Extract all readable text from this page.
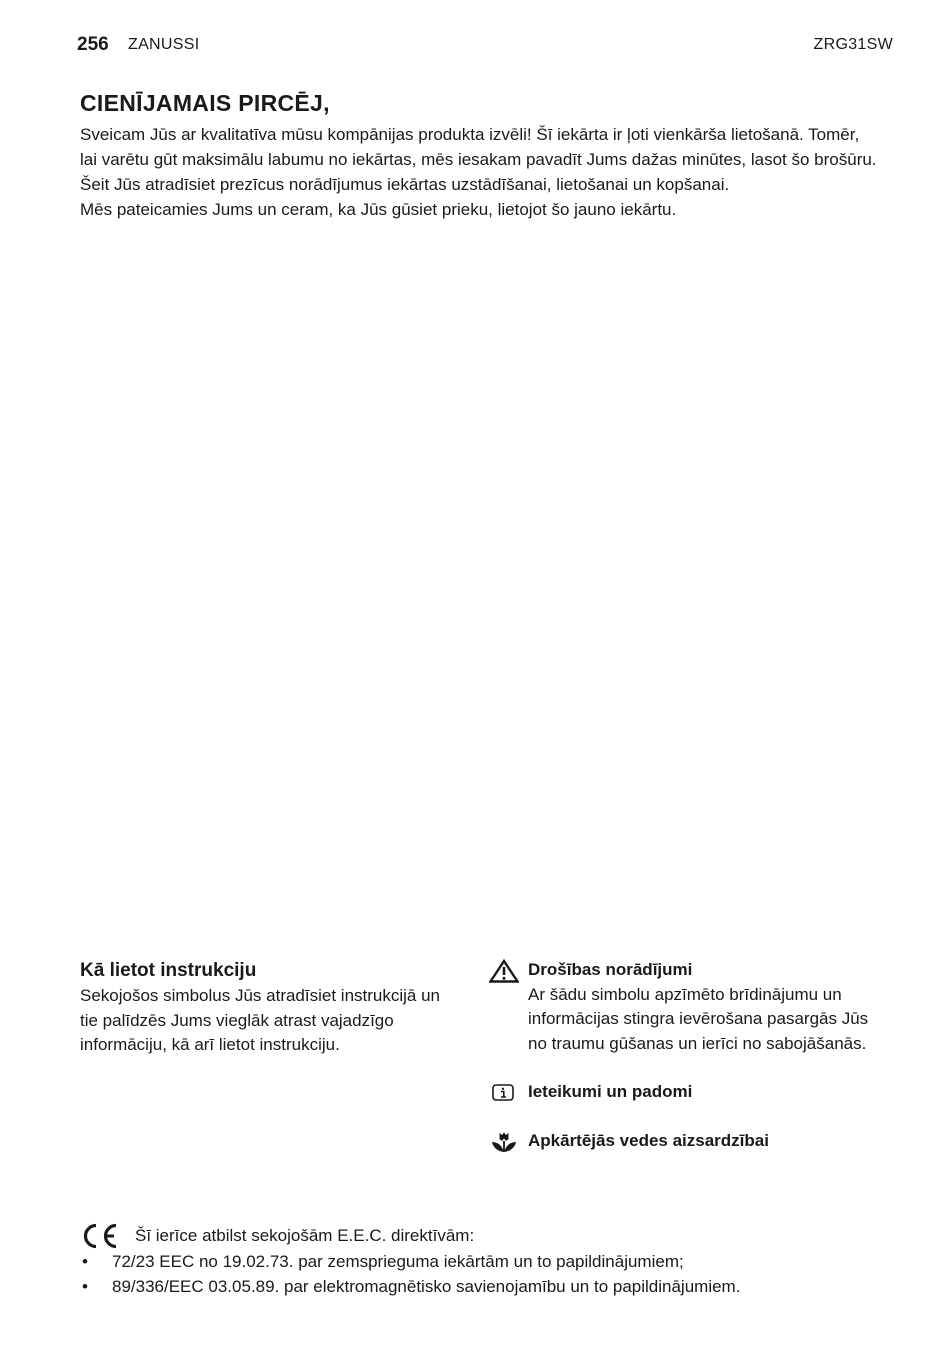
256 ZANUSSI	ZRG31SW
CIENĪJAMAIS PIRCĒJ,

Sveicam Jūs ar kvalitatīva mūsu kompānijas produkta izvēli! Šī iekārta ir ļoti vienkārša lietošanā. Tomēr, lai varētu gūt maksimālu labumu no iekārtas, mēs iesakam pavadīt Jums dažas minūtes, lasot šo brošūru. Šeit Jūs atradīsiet prezīcus norādījumus iekārtas uzstādīšanai, lietošanai un kopšanai.

Mēs pateicamies Jums un ceram, ka Jūs gūsiet prieku, lietojot šo jauno iekārtu.

Kā lietot instrukciju

Sekojošos simbolus Jūs atradīsiet instrukcijā un tie palīdzēs Jums vieglāk atrast vajadzīgo informāciju, kā arī lietot instrukciju.

Drošības norādījumi
Ar šādu simbolu apzīmēto brīdinājumu un informācijas stingra ievērošana pasargās Jūs no traumu gūšanas un ierīci no sabojāšanās.
Ieteikumi un padomi
Apkārtējās vedes aizsardzībai
Šī ierīce atbilst sekojošām E.E.C. direktīvām:
• 72/23 EEC no 19.02.73. par zemsprieguma iekārtām un to papildinājumiem;
• 89/336/EEC 03.05.89. par elektromagnētisko savienojamību un to papildinājumiem.
